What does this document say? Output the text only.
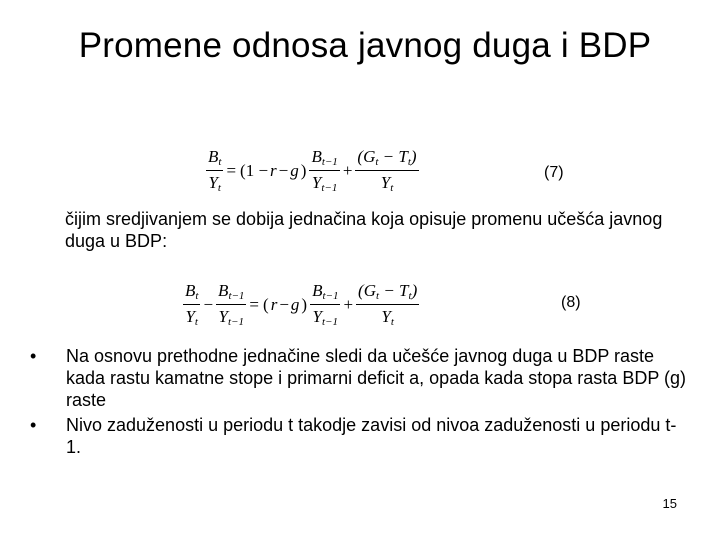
Promene odnosa javnog duga i BDP
$\frac{B_t}{Y_t} = (1 - r - g$ ) $\frac{B_{t-1}}{Y_{t-1}} + \frac{(G_t - T_t)}{Y_t}$	(7)
čijim sredjivanjem se dobija jednačina koja opisuje promenu učešća javnog duga u BDP:
$\frac{B_t}{Y_t} - \frac{B_{t-1}}{Y_{t-1}}$ = ( r − g ) $\frac{B_{t-1}}{Y_{t-1}} + \frac{(G_t - T_t)}{Y_t}$	(8)
• Na osnovu prethodne jednačine sledi da učešće javnog duga u BDP raste kada rastu kamatne stope i primarni deficit a, opada kada stopa rasta BDP (g) raste
• Nivo zaduženosti u periodu t takodje zavisi od nivoa zaduženosti u periodu t-1.
15
